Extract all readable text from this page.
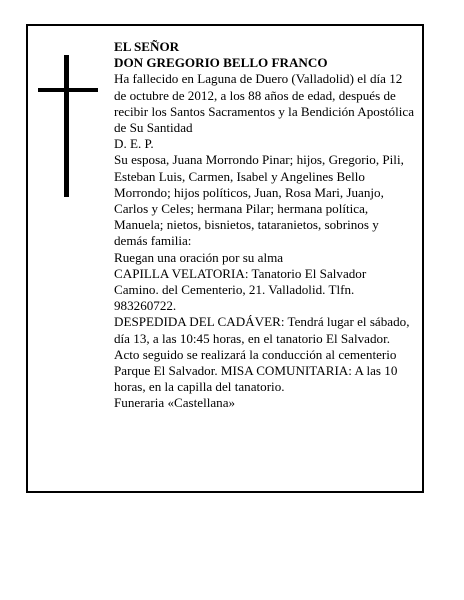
EL SEÑOR

DON GREGORIO BELLO FRANCO

Ha fallecido en Laguna de Duero (Valladolid) el día 12 de octubre de 2012, a los 88 años de edad, después de recibir los Santos Sacramentos y la Bendición Apostólica de Su Santidad

D. E. P.

Su esposa, Juana Morrondo Pinar; hijos, Gregorio, Pili, Esteban Luis, Carmen, Isabel y Angelines Bello Morrondo; hijos políticos, Juan, Rosa Mari, Juanjo, Carlos y Celes; hermana Pilar; hermana política, Manuela; nietos, bisnietos, tataranietos, sobrinos y demás familia:

Ruegan una oración por su alma

CAPILLA VELATORIA: Tanatorio El Salvador Camino. del Cementerio, 21. Valladolid. Tlfn. 983260722.

DESPEDIDA DEL CADÁVER: Tendrá lugar el sábado, día 13, a las 10:45 horas, en el tanatorio El Salvador. Acto seguido se realizará la conducción al cementerio Parque El Salvador. MISA COMUNITARIA: A las 10 horas, en la capilla del tanatorio.

Funeraria «Castellana»
